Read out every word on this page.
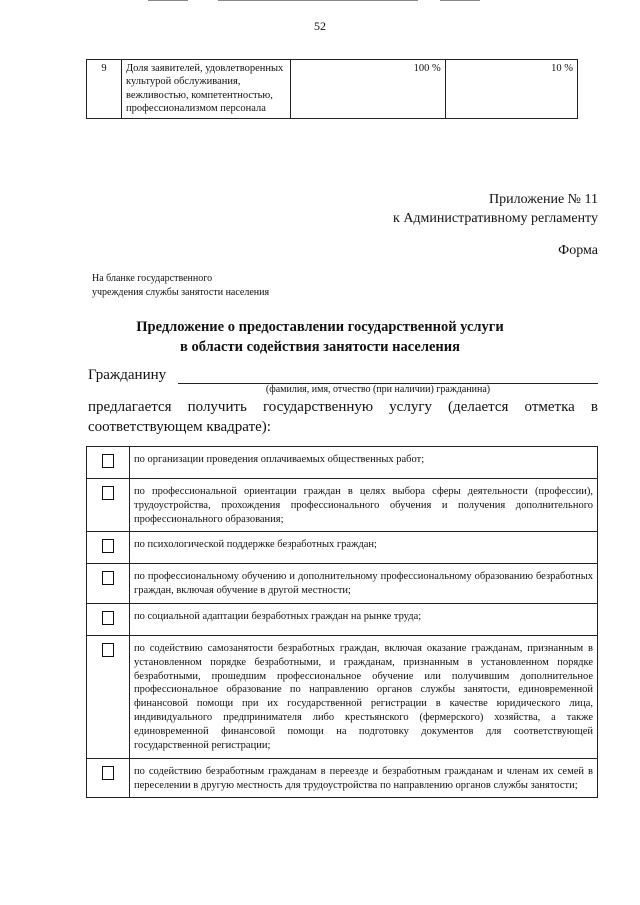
52
9	Доля заявителей, удовлетворенных культурой обслуживания, вежливостью, компетентностью, профессионализмом персонала	100 %	10 %
Приложение № 11
к Административному регламенту
Форма
На бланке государственного
учреждения службы занятости населения
Предложение о предоставлении государственной услуги
в области содействия занятости населения
Гражданину
(фамилия, имя, отчество (при наличии) гражданина)
предлагается получить государственную услугу (делается отметка в соответствующем квадрате):
	по организации проведения оплачиваемых общественных работ;
	по профессиональной ориентации граждан в целях выбора сферы деятельности (профессии), трудоустройства, прохождения профессионального обучения и получения дополнительного профессионального образования;
	по психологической поддержке безработных граждан;
	по профессиональному обучению и дополнительному профессиональному образованию безработных граждан, включая обучение в другой местности;
	по социальной адаптации безработных граждан на рынке труда;
	по содействию самозанятости безработных граждан, включая оказание гражданам, признанным в установленном порядке безработными, и гражданам, признанным в установленном порядке безработными, прошедшим профессиональное обучение или получившим дополнительное профессиональное образование по направлению органов службы занятости, единовременной финансовой помощи при их государственной регистрации в качестве юридического лица, индивидуального предпринимателя либо крестьянского (фермерского) хозяйства, а также единовременной финансовой помощи на подготовку документов для соответствующей государственной регистрации;
	по содействию безработным гражданам в переезде и безработным гражданам и членам их семей в переселении в другую местность для трудоустройства по направлению органов службы занятости;
